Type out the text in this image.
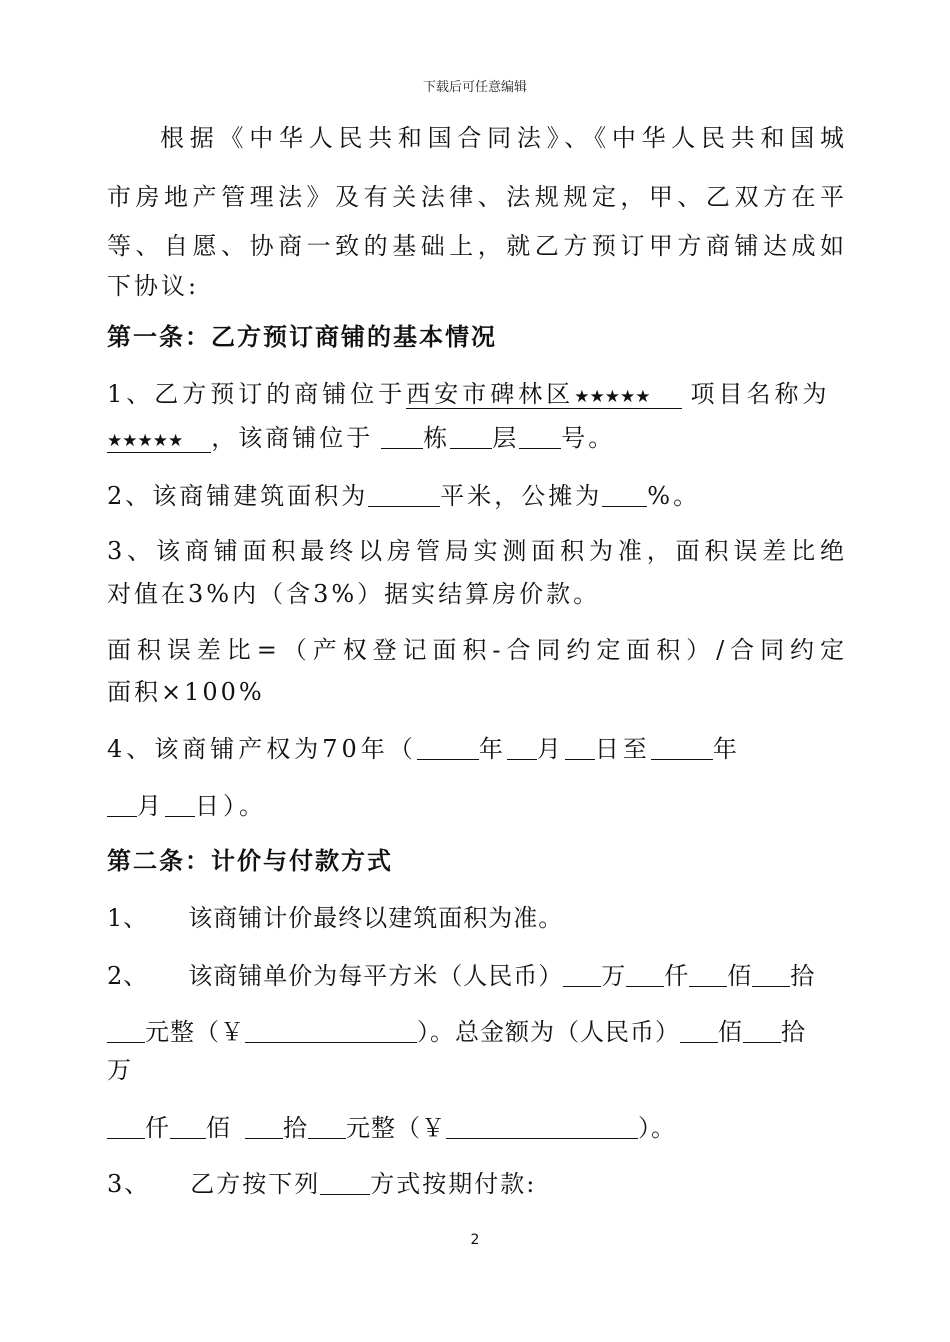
下载后可任意编辑
根据《中华人民共和国合同法》、《中华人民共和国城
市房地产管理法》及有关法律、法规规定，甲、乙双方在平
等、自愿、协商一致的基础上，就乙方预订甲方商铺达成如
下协议:
第一条：乙方预订商铺的基本情况
1、乙方预订的商铺位于西安市碑林区★★★★★ 项目名称为
★★★★★ ，该商铺位于 栋 层 号。
2、该商铺建筑面积为	平米，公摊为 %。
3、该商铺面积最终以房管局实测面积为准，面积误差比绝
对值在3%内（含3%）据实结算房价款。
面积误差比=（产权登记面积-合同约定面积）/合同约定
面积×100%
4、该商铺产权为70年（	年 月 日至	年
月 日）。
第二条：计价与付款方式
1、 该商铺计价最终以建筑面积为准。
2、 该商铺单价为每平方米（人民币） 万 仟 佰 拾
元整（￥	）。总金额为（人民币） 佰 拾
万
仟 佰 拾 元整（￥	）。
3、 乙方按下列 方式按期付款:
2
